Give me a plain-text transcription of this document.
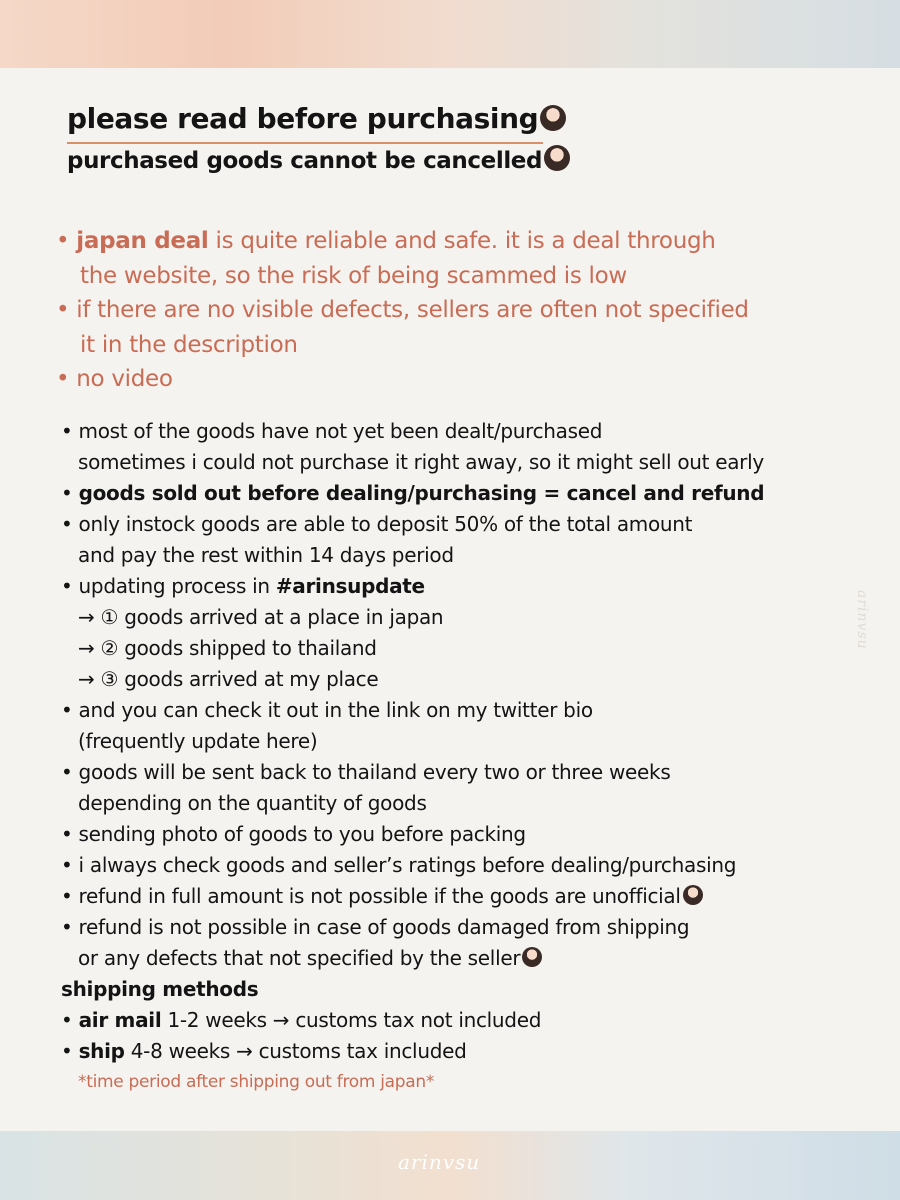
please read before purchasing
purchased goods cannot be cancelled
• japan deal is quite reliable and safe. it is a deal through
the website, so the risk of being scammed is low
• if there are no visible defects, sellers are often not specified
it in the description
• no video
• most of the goods have not yet been dealt/purchased
sometimes i could not purchase it right away, so it might sell out early
• goods sold out before dealing/purchasing = cancel and refund
• only instock goods are able to deposit 50% of the total amount
and pay the rest within 14 days period
• updating process in #arinsupdate
→ ① goods arrived at a place in japan
→ ② goods shipped to thailand
→ ③ goods arrived at my place
• and you can check it out in the link on my twitter bio
(frequently update here)
• goods will be sent back to thailand every two or three weeks
depending on the quantity of goods
• sending photo of goods to you before packing
• i always check goods and seller’s ratings before dealing/purchasing
• refund in full amount is not possible if the goods are unofficial
• refund is not possible in case of goods damaged from shipping
or any defects that not specified by the seller
shipping methods
• air mail 1-2 weeks → customs tax not included
• ship 4-8 weeks → customs tax included
*time period after shipping out from japan*
arinvsu
arinvsu
